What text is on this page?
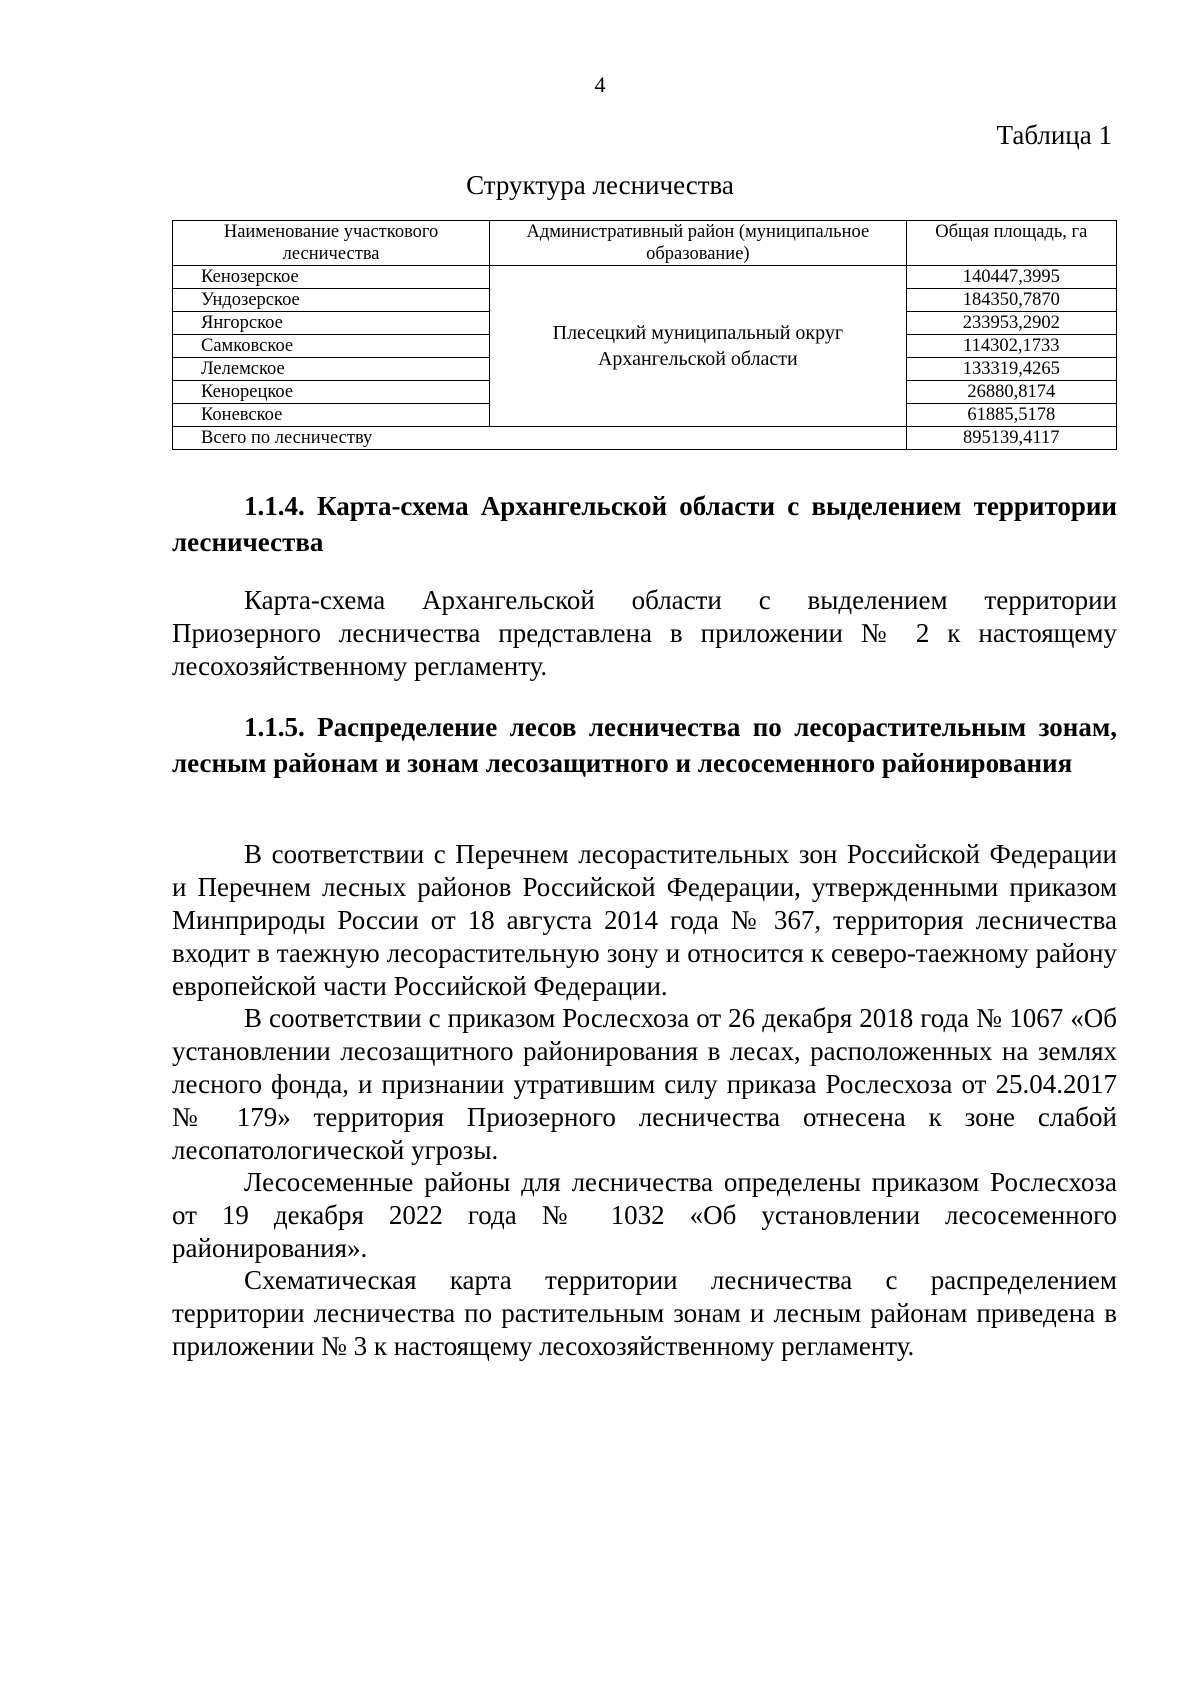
4
Таблица 1
Структура лесничества
Наименование участкового лесничества	Административный район (муниципальное образование)	Общая площадь, га
Кенозерское	Плесецкий муниципальный округ Архангельской области	140447,3995
Ундозерское		184350,7870
Янгорское		233953,2902
Самковское		114302,1733
Лелемское		133319,4265
Кенорецкое		26880,8174
Коневское		61885,5178
Всего по лесничеству		895139,4117
1.1.4. Карта-схема Архангельской области с выделением территории лесничества

Карта-схема Архангельской области с выделением территории Приозерного лесничества представлена в приложении № 2 к настоящему лесохозяйственному регламенту.

1.1.5. Распределение лесов лесничества по лесорастительным зонам, лесным районам и зонам лесозащитного и лесосеменного районирования

В соответствии с Перечнем лесорастительных зон Российской Федерации и Перечнем лесных районов Российской Федерации, утвержденными приказом Минприроды России от 18 августа 2014 года № 367, территория лесничества входит в таежную лесорастительную зону и относится к северо-таежному району европейской части Российской Федерации.

В соответствии с приказом Рослесхоза от 26 декабря 2018 года № 1067 «Об установлении лесозащитного районирования в лесах, расположенных на землях лесного фонда, и признании утратившим силу приказа Рослесхоза от 25.04.2017 № 179» территория Приозерного лесничества отнесена к зоне слабой лесопатологической угрозы.

Лесосеменные районы для лесничества определены приказом Рослесхоза от 19 декабря 2022 года № 1032 «Об установлении лесосеменного районирования».

Схематическая карта территории лесничества с распределением территории лесничества по растительным зонам и лесным районам приведена в приложении № 3 к настоящему лесохозяйственному регламенту.
